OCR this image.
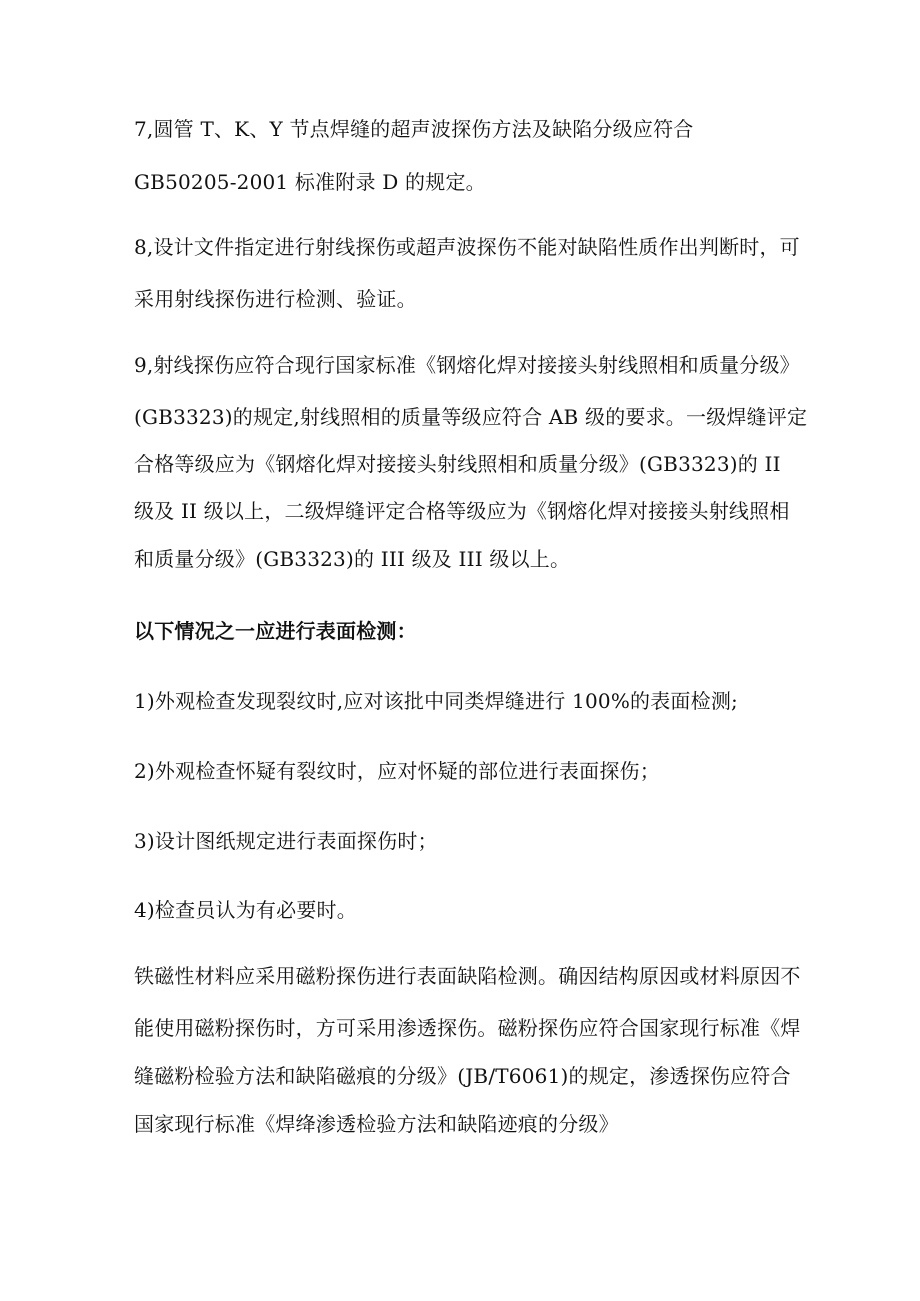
7,圆管 T、K、Y 节点焊缝的超声波探伤方法及缺陷分级应符合
GB50205-2001 标准附录 D 的规定。
8,设计文件指定进行射线探伤或超声波探伤不能对缺陷性质作出判断时，可
采用射线探伤进行检测、验证。
9,射线探伤应符合现行国家标准《钢熔化焊对接接头射线照相和质量分级》
(GB3323)的规定,射线照相的质量等级应符合 AB 级的要求。一级焊缝评定
合格等级应为《钢熔化焊对接接头射线照相和质量分级》(GB3323)的 II
级及 II 级以上，二级焊缝评定合格等级应为《钢熔化焊对接接头射线照相
和质量分级》(GB3323)的 III 级及 III 级以上。
以下情况之一应进行表面检测：
1)外观检查发现裂纹时,应对该批中同类焊缝进行 100%的表面检测;
2)外观检查怀疑有裂纹时，应对怀疑的部位进行表面探伤；
3)设计图纸规定进行表面探伤时；
4)检查员认为有必要时。
铁磁性材料应采用磁粉探伤进行表面缺陷检测。确因结构原因或材料原因不
能使用磁粉探伤时，方可采用渗透探伤。磁粉探伤应符合国家现行标准《焊
缝磁粉检验方法和缺陷磁痕的分级》(JB/T6061)的规定，渗透探伤应符合
国家现行标准《焊绛渗透检验方法和缺陷迹痕的分级》
